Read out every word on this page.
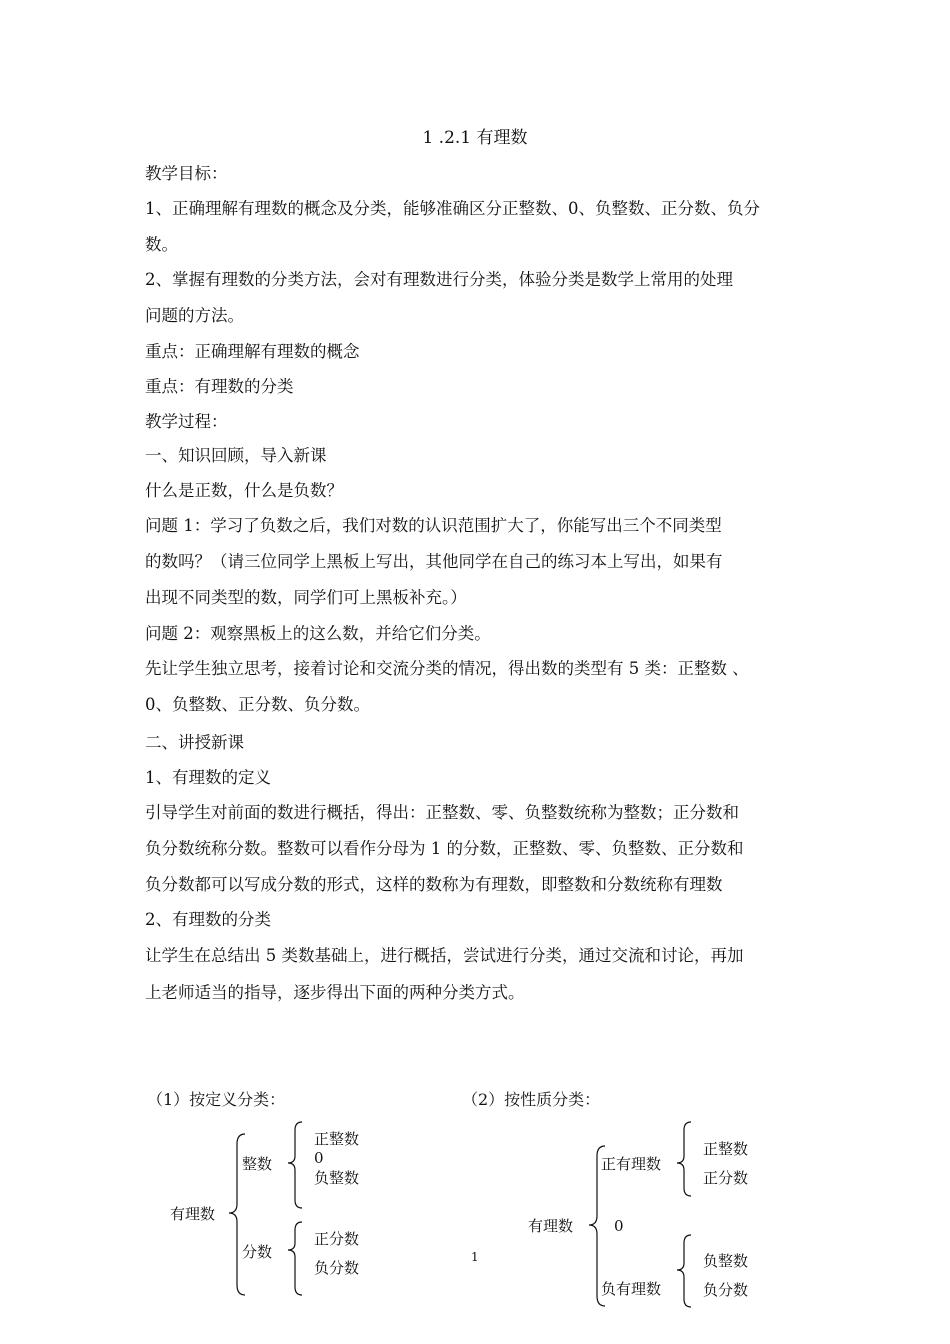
1 .2.1 有理数
教学目标：
1、正确理解有理数的概念及分类，能够准确区分正整数、0、负整数、正分数、负分
数。
2、掌握有理数的分类方法，会对有理数进行分类，体验分类是数学上常用的处理
问题的方法。
重点：正确理解有理数的概念
重点：有理数的分类
教学过程：
一、知识回顾，导入新课
什么是正数，什么是负数？
问题 1：学习了负数之后，我们对数的认识范围扩大了，你能写出三个不同类型
的数吗？（请三位同学上黑板上写出，其他同学在自己的练习本上写出，如果有
出现不同类型的数，同学们可上黑板补充。）
问题 2：观察黑板上的这么数，并给它们分类。
先让学生独立思考，接着讨论和交流分类的情况，得出数的类型有 5 类：正整数 、
0、负整数、正分数、负分数。
二、讲授新课
1、有理数的定义
引导学生对前面的数进行概括，得出：正整数、零、负整数统称为整数；正分数和
负分数统称分数。整数可以看作分母为 1 的分数，正整数、零、负整数、正分数和
负分数都可以写成分数的形式，这样的数称为有理数，即整数和分数统称有理数
2、有理数的分类
让学生在总结出 5 类数基础上，进行概括，尝试进行分类，通过交流和讨论，再加
上老师适当的指导，逐步得出下面的两种分类方式。
（1）按定义分类：
有理数
整数
分数
正整数
0
负整数
正分数
负分数
（2）按性质分类：
有理数
正有理数
0
负有理数
正整数
正分数
负整数
负分数
1
